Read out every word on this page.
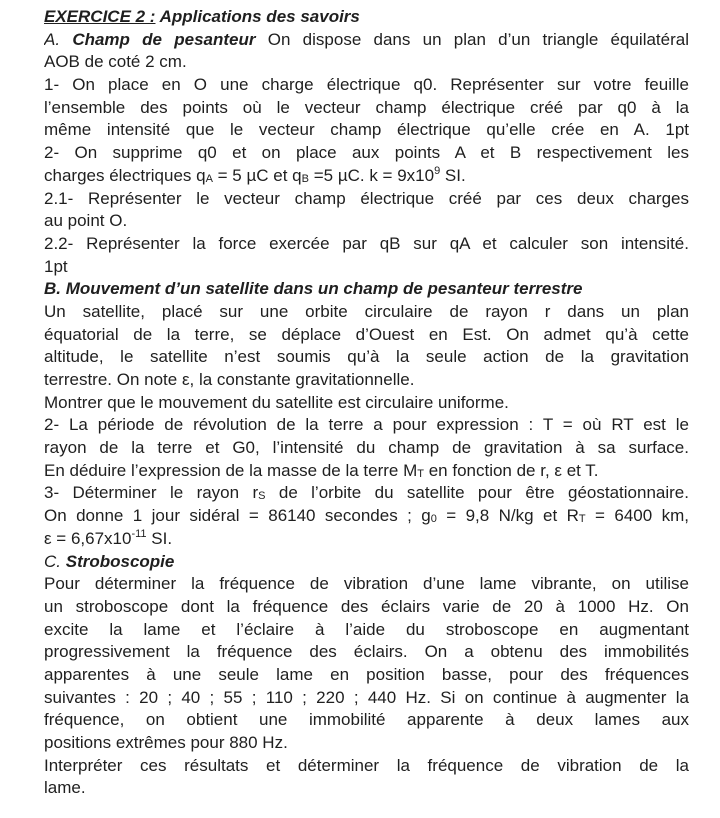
EXERCICE 2 : Applications des savoirs
A. Champ de pesanteur On dispose dans un plan d’un triangle équilatéral
AOB de coté 2 cm.
1- On place en O une charge électrique q0. Représenter sur votre feuille
l’ensemble des points où le vecteur champ électrique créé par q0 à la
même intensité que le vecteur champ électrique qu’elle crée en A. 1pt
2- On supprime q0 et on place aux points A et B respectivement les
charges électriques qA = 5 µC et qB =5 µC. $k = 9x10^9$ SI.
2.1- Représenter le vecteur champ électrique créé par ces deux charges
au point O.
2.2- Représenter la force exercée par qB sur qA et calculer son intensité.
1pt
B. Mouvement d’un satellite dans un champ de pesanteur terrestre
Un satellite, placé sur une orbite circulaire de rayon r dans un plan
équatorial de la terre, se déplace d’Ouest en Est. On admet qu’à cette
altitude, le satellite n’est soumis qu’à la seule action de la gravitation
terrestre. On note ε, la constante gravitationnelle.
Montrer que le mouvement du satellite est circulaire uniforme.
2- La période de révolution de la terre a pour expression : T = où RT est le
rayon de la terre et G0, l’intensité du champ de gravitation à sa surface.
En déduire l’expression de la masse de la terre MT en fonction de r, ε et T.
3- Déterminer le rayon rS de l’orbite du satellite pour être géostationnaire.
On donne 1 jour sidéral = 86140 secondes ; g0 = 9,8 N/kg et RT = 6400 km,
$\varepsilon = 6,67x10^{-11}$ SI.
C. Stroboscopie
Pour déterminer la fréquence de vibration d’une lame vibrante, on utilise
un stroboscope dont la fréquence des éclairs varie de 20 à 1000 Hz. On
excite la lame et l’éclaire à l’aide du stroboscope en augmentant
progressivement la fréquence des éclairs. On a obtenu des immobilités
apparentes à une seule lame en position basse, pour des fréquences
suivantes : 20 ; 40 ; 55 ; 110 ; 220 ; 440 Hz. Si on continue à augmenter la
fréquence, on obtient une immobilité apparente à deux lames aux
positions extrêmes pour 880 Hz.
Interpréter ces résultats et déterminer la fréquence de vibration de la
lame.
